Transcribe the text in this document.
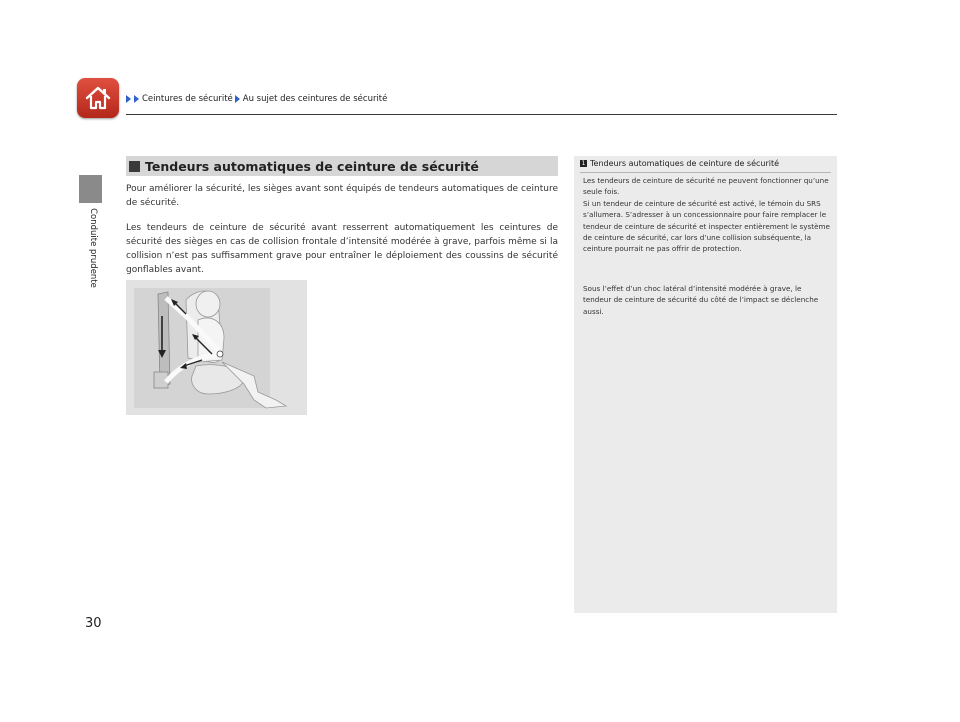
Ceintures de sécurité Au sujet des ceintures de sécurité
Conduite prudente
Tendeurs automatiques de ceinture de sécurité

Pour améliorer la sécurité, les sièges avant sont équipés de tendeurs automatiques de ceinture de sécurité.

Les tendeurs de ceinture de sécurité avant resserrent automatiquement les ceintures de sécurité des sièges en cas de collision frontale d’intensité modérée à grave, parfois même si la collision n’est pas suffisamment grave pour entraîner le déploiement des coussins de sécurité gonflables avant.

1 Tendeurs automatiques de ceinture de sécurité

Les tendeurs de ceinture de sécurité ne peuvent fonctionner qu’une seule fois.

Si un tendeur de ceinture de sécurité est activé, le témoin du SRS s’allumera. S’adresser à un concessionnaire pour faire remplacer le tendeur de ceinture de sécurité et inspecter entièrement le système de ceinture de sécurité, car lors d’une collision subséquente, la ceinture pourrait ne pas offrir de protection.

Sous l’effet d’un choc latéral d’intensité modérée à grave, le tendeur de ceinture de sécurité du côté de l’impact se déclenche aussi.

30
